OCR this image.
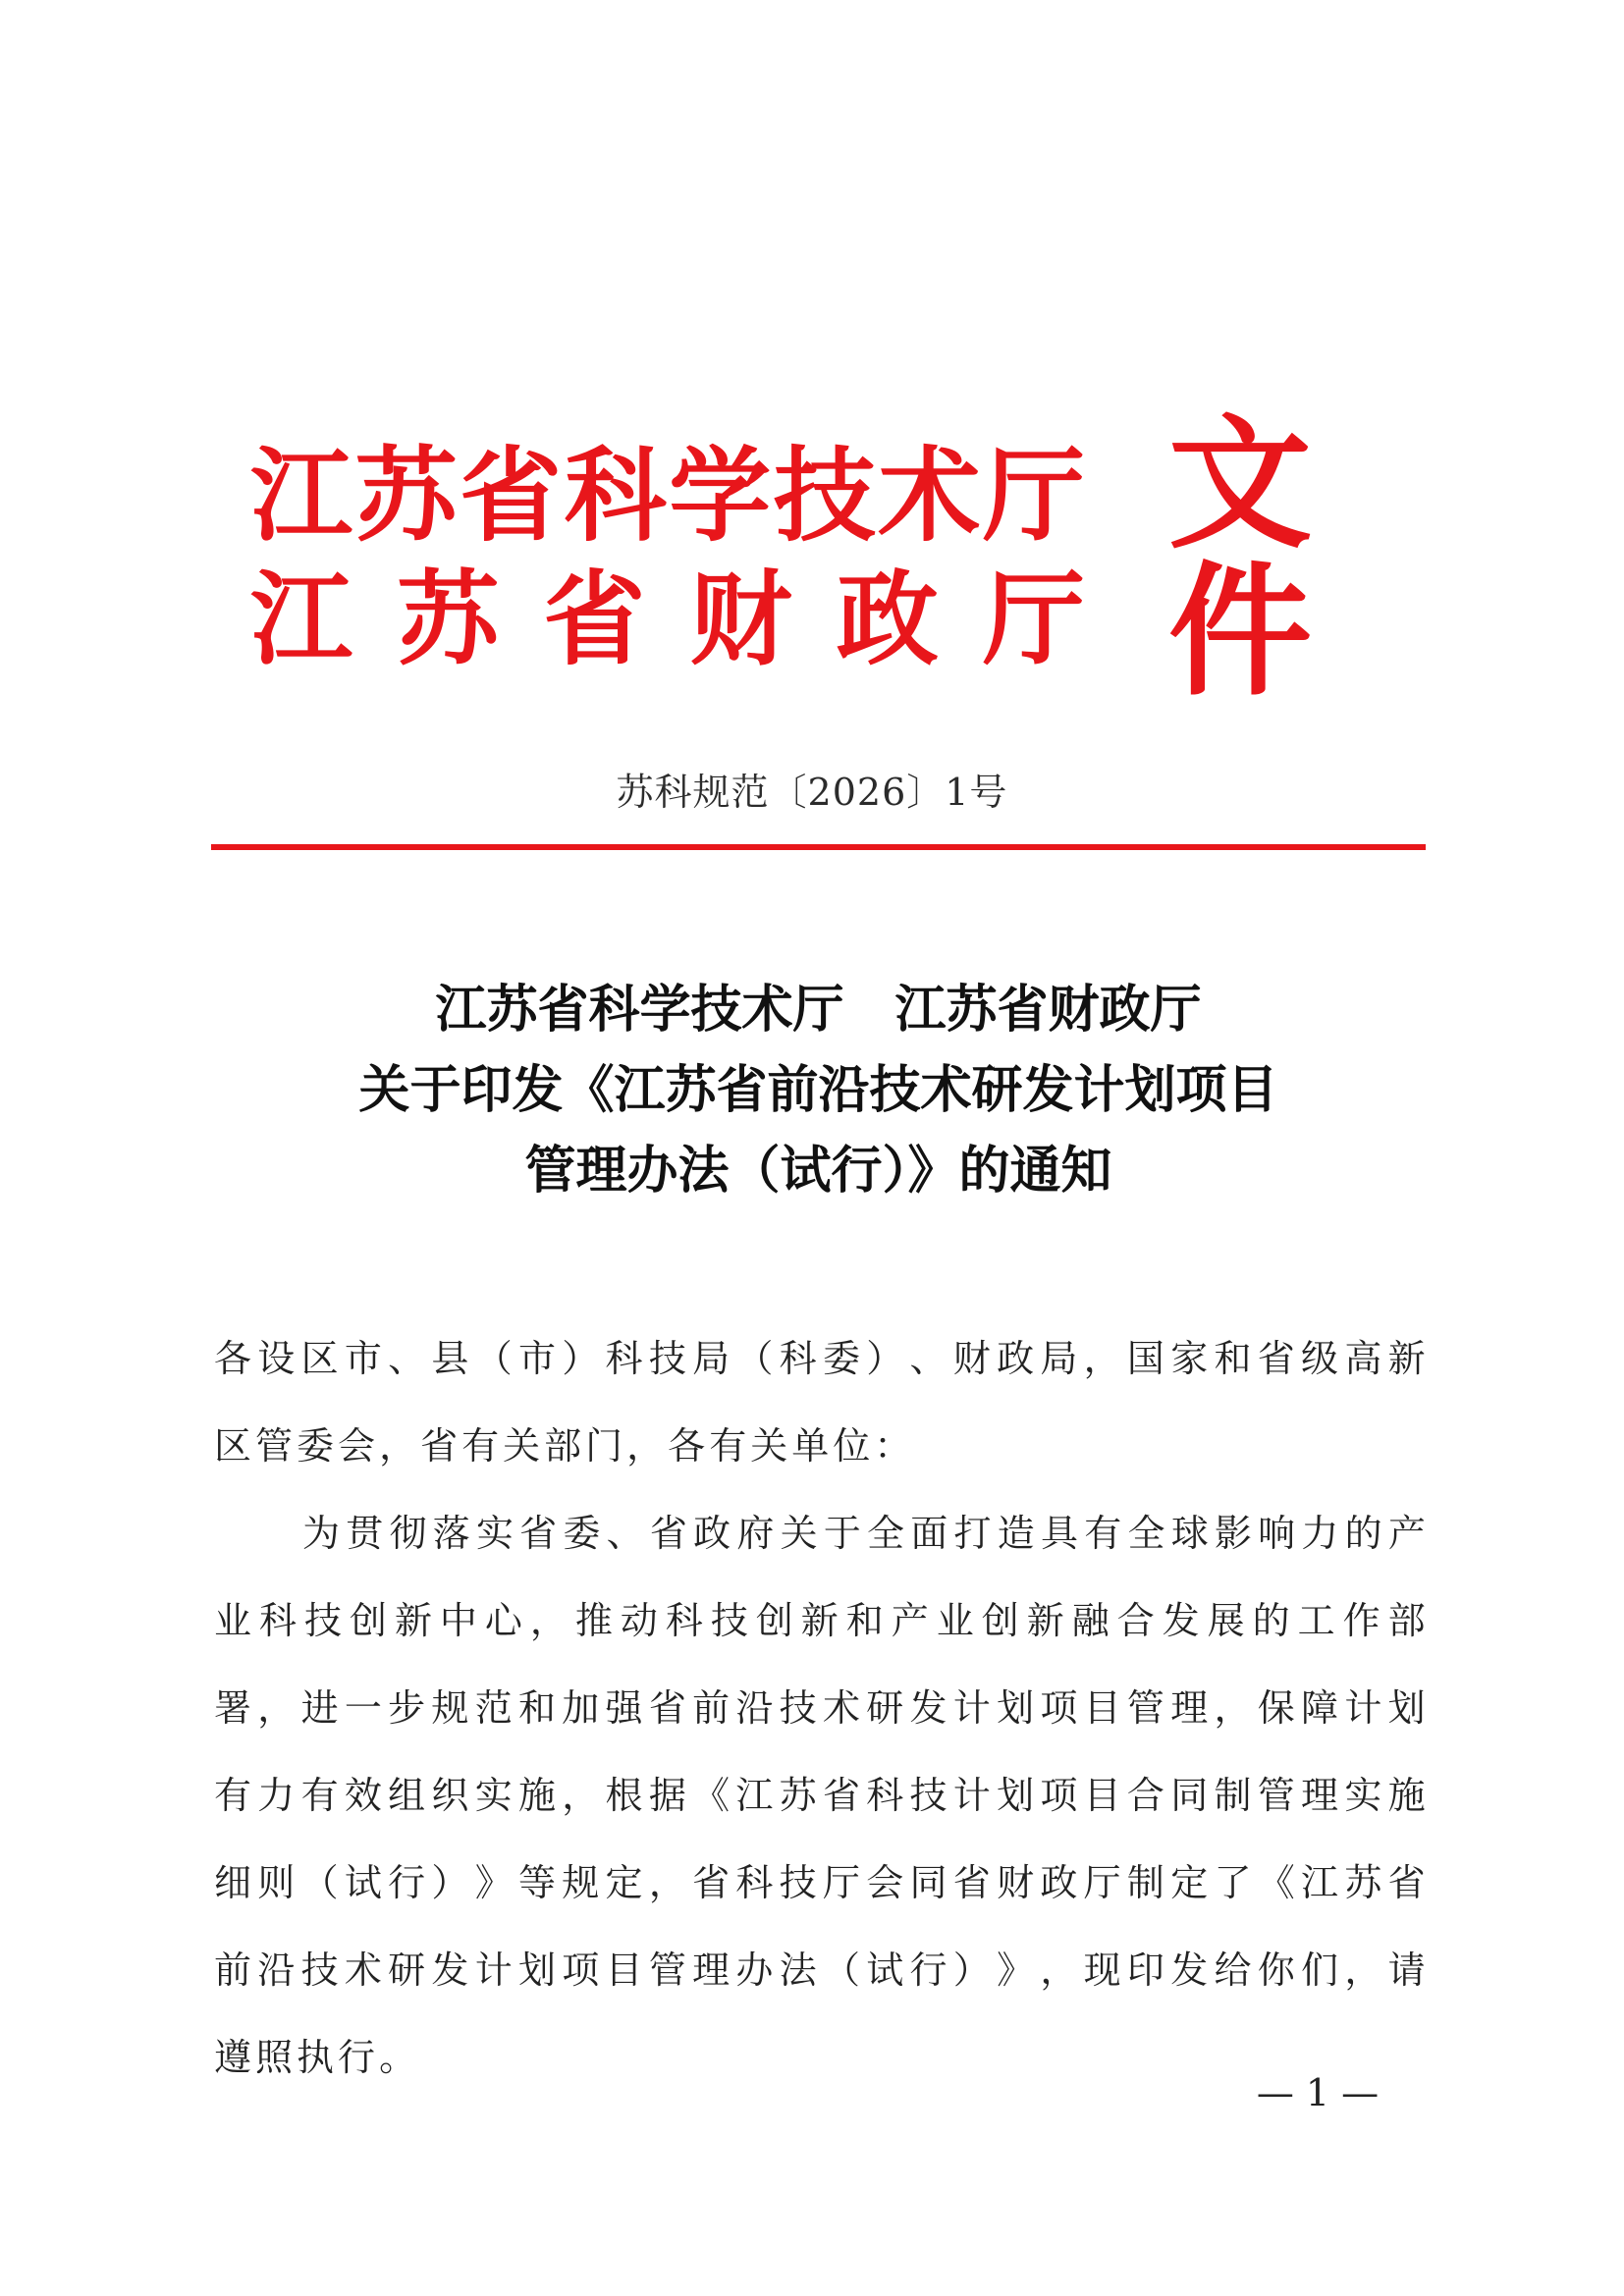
江 苏 省 科 学 技 术 厅
江 苏 省 财 政 厅
文件
苏科规范〔2026〕1号
江苏省科学技术厅　江苏省财政厅
关于印发《江苏省前沿技术研发计划项目
管理办法（试行）》的通知
各 设 区 市 、 县 （ 市 ） 科 技 局 （ 科 委 ） 、 财 政 局 ， 国 家 和 省 级 高 新
区 管 委 会 ， 省 有 关 部 门 ， 各 有 关 单 位 ：
为 贯 彻 落 实 省 委 、 省 政 府 关 于 全 面 打 造 具 有 全 球 影 响 力 的 产
业 科 技 创 新 中 心 ， 推 动 科 技 创 新 和 产 业 创 新 融 合 发 展 的 工 作 部
署 ， 进 一 步 规 范 和 加 强 省 前 沿 技 术 研 发 计 划 项 目 管 理 ， 保 障 计 划
有 力 有 效 组 织 实 施 ， 根 据 《 江 苏 省 科 技 计 划 项 目 合 同 制 管 理 实 施
细 则 （ 试 行 ） 》 等 规 定 ， 省 科 技 厅 会 同 省 财 政 厅 制 定 了 《 江 苏 省
前 沿 技 术 研 发 计 划 项 目 管 理 办 法 （ 试 行 ） 》 ， 现 印 发 给 你 们 ， 请
遵 照 执 行 。
— 1 —
